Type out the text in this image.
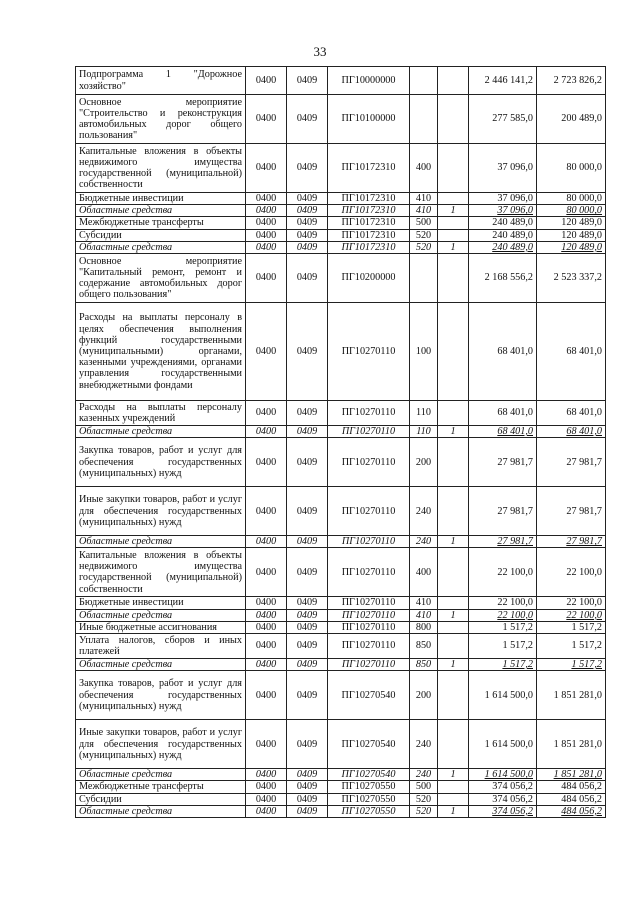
33
Подпрограмма 1 "Дорожное хозяйство"	0400	0409	ПГ10000000			2 446 141,2	2 723 826,2
Основное мероприятие "Строительство и реконструкция автомобильных дорог общего пользования"	0400	0409	ПГ10100000			277 585,0	200 489,0
Капитальные вложения в объекты недвижимого имущества государственной (муниципальной) собственности	0400	0409	ПГ10172310	400		37 096,0	80 000,0
Бюджетные инвестиции	0400	0409	ПГ10172310	410		37 096,0	80 000,0
Областные средства	0400	0409	ПГ10172310	410	1	37 096,0	80 000,0
Межбюджетные трансферты	0400	0409	ПГ10172310	500		240 489,0	120 489,0
Субсидии	0400	0409	ПГ10172310	520		240 489,0	120 489,0
Областные средства	0400	0409	ПГ10172310	520	1	240 489,0	120 489,0
Основное мероприятие "Капитальный ремонт, ремонт и содержание автомобильных дорог общего пользования"	0400	0409	ПГ10200000			2 168 556,2	2 523 337,2
Расходы на выплаты персоналу в целях обеспечения выполнения функций государственными (муниципальными) органами, казенными учреждениями, органами управления государственными внебюджетными фондами	0400	0409	ПГ10270110	100		68 401,0	68 401,0
Расходы на выплаты персоналу казенных учреждений	0400	0409	ПГ10270110	110		68 401,0	68 401,0
Областные средства	0400	0409	ПГ10270110	110	1	68 401,0	68 401,0
Закупка товаров, работ и услуг для обеспечения государственных (муниципальных) нужд	0400	0409	ПГ10270110	200		27 981,7	27 981,7
Иные закупки товаров, работ и услуг для обеспечения государственных (муниципальных) нужд	0400	0409	ПГ10270110	240		27 981,7	27 981,7
Областные средства	0400	0409	ПГ10270110	240	1	27 981,7	27 981,7
Капитальные вложения в объекты недвижимого имущества государственной (муниципальной) собственности	0400	0409	ПГ10270110	400		22 100,0	22 100,0
Бюджетные инвестиции	0400	0409	ПГ10270110	410		22 100,0	22 100,0
Областные средства	0400	0409	ПГ10270110	410	1	22 100,0	22 100,0
Иные бюджетные ассигнования	0400	0409	ПГ10270110	800		1 517,2	1 517,2
Уплата налогов, сборов и иных платежей	0400	0409	ПГ10270110	850		1 517,2	1 517,2
Областные средства	0400	0409	ПГ10270110	850	1	1 517,2	1 517,2
Закупка товаров, работ и услуг для обеспечения государственных (муниципальных) нужд	0400	0409	ПГ10270540	200		1 614 500,0	1 851 281,0
Иные закупки товаров, работ и услуг для обеспечения государственных (муниципальных) нужд	0400	0409	ПГ10270540	240		1 614 500,0	1 851 281,0
Областные средства	0400	0409	ПГ10270540	240	1	1 614 500,0	1 851 281,0
Межбюджетные трансферты	0400	0409	ПГ10270550	500		374 056,2	484 056,2
Субсидии	0400	0409	ПГ10270550	520		374 056,2	484 056,2
Областные средства	0400	0409	ПГ10270550	520	1	374 056,2	484 056,2
